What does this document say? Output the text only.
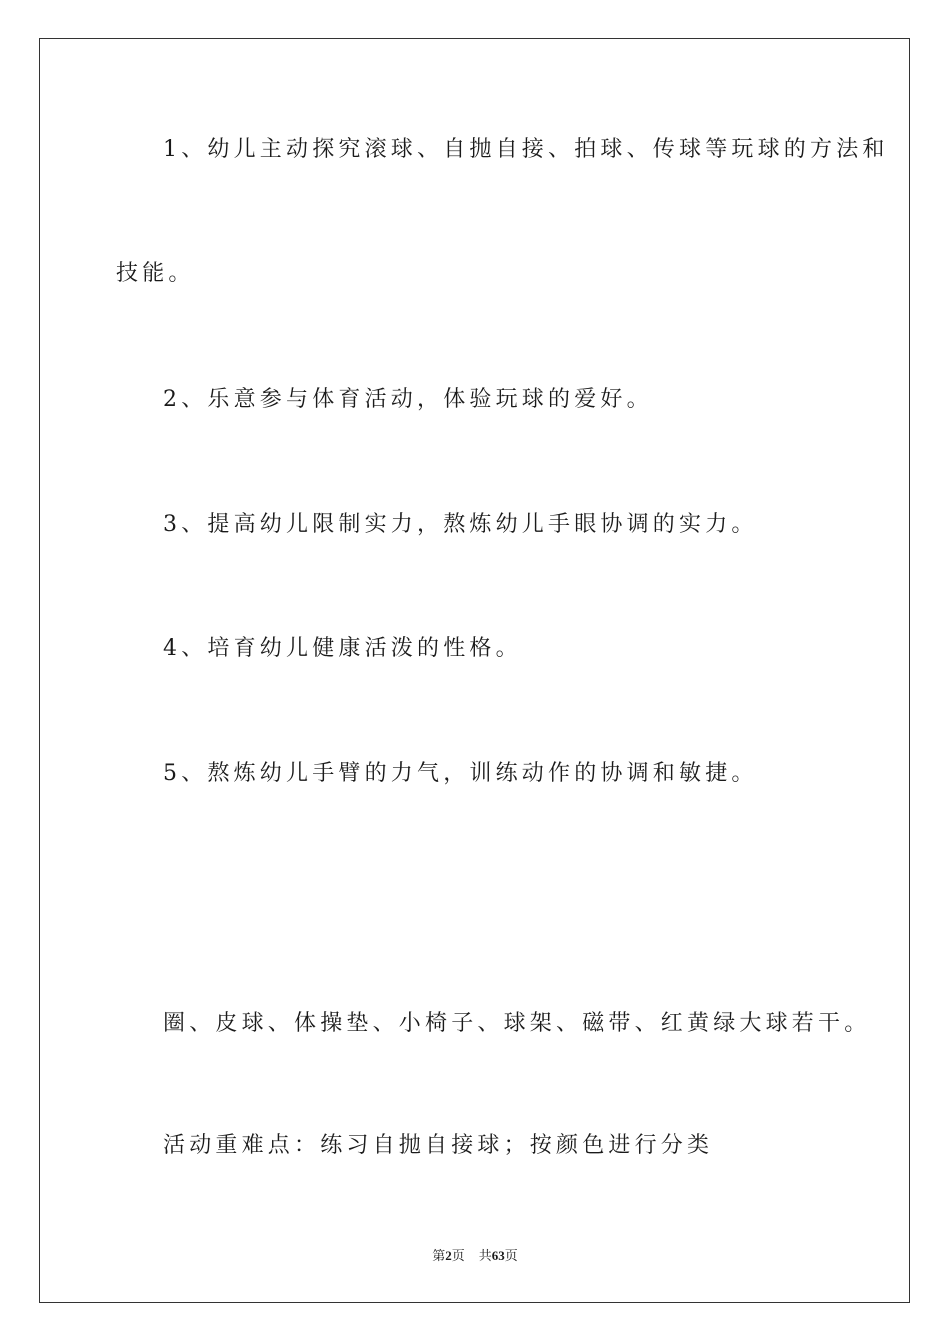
1、幼儿主动探究滚球、自抛自接、拍球、传球等玩球的方法和

技能。

2、乐意参与体育活动，体验玩球的爱好。

3、提高幼儿限制实力，熬炼幼儿手眼协调的实力。

4、培育幼儿健康活泼的性格。

5、熬炼幼儿手臂的力气，训练动作的协调和敏捷。

圈、皮球、体操垫、小椅子、球架、磁带、红黄绿大球若干。

活动重难点：练习自抛自接球；按颜色进行分类

第2页 共63页
